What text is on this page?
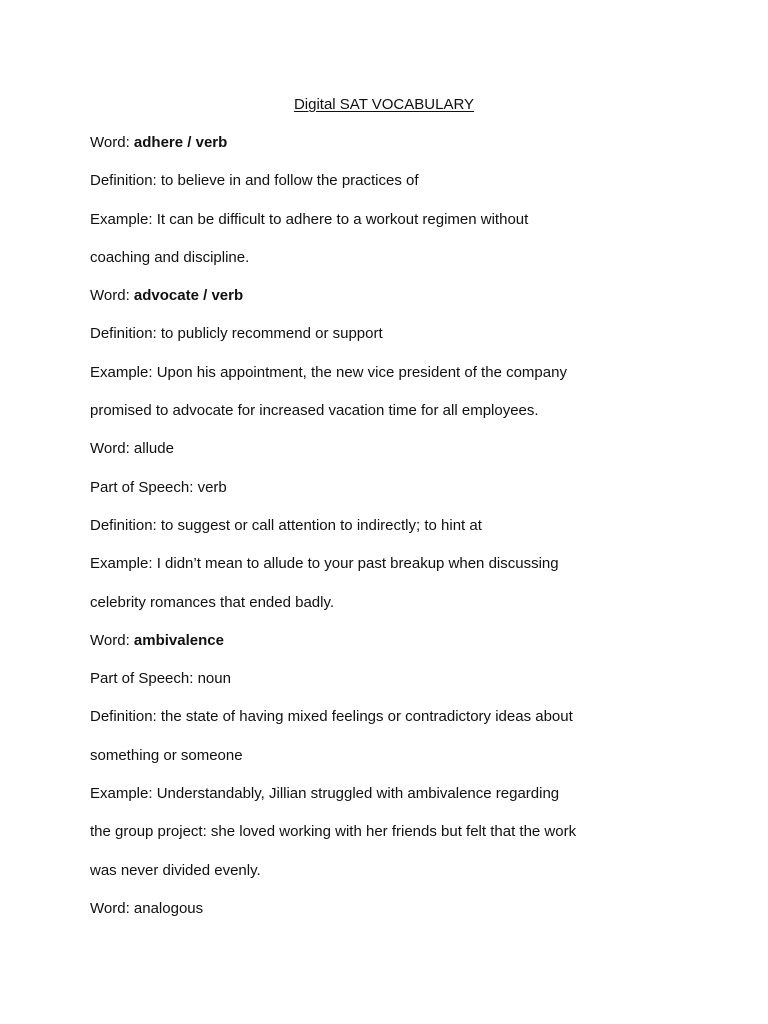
Digital SAT VOCABULARY
Word: adhere / verb
Definition: to believe in and follow the practices of
Example: It can be difficult to adhere to a workout regimen without
coaching and discipline.
Word: advocate / verb
Definition: to publicly recommend or support
Example: Upon his appointment, the new vice president of the company
promised to advocate for increased vacation time for all employees.
Word: allude
Part of Speech: verb
Definition: to suggest or call attention to indirectly; to hint at
Example: I didn’t mean to allude to your past breakup when discussing
celebrity romances that ended badly.
Word: ambivalence
Part of Speech: noun
Definition: the state of having mixed feelings or contradictory ideas about
something or someone
Example: Understandably, Jillian struggled with ambivalence regarding
the group project: she loved working with her friends but felt that the work
was never divided evenly.
Word: analogous
